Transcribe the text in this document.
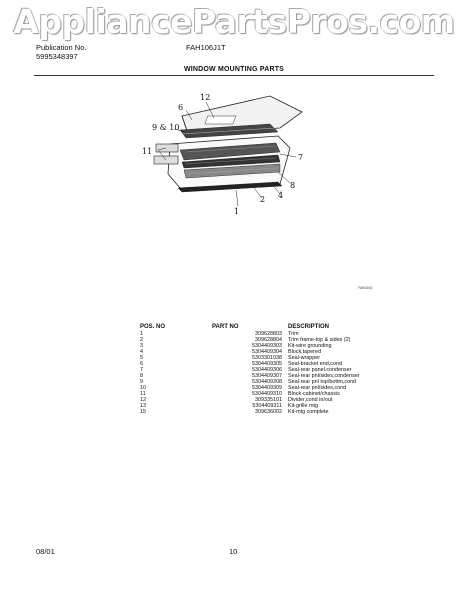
AppliancePartsPros.com
Publication No.
5995348397
FAH106J1T
WINDOW MOUNTING PARTS
12
6
9 & 10
11
7
8
4
2
1
FAB0160
POS. NO	PART NO	DESCRIPTION
1	309628803	Trim
2	309628804	Trim frame-top & sides (2)
3	5304409303	Kit-wire grounding
4	5304409304	Block,tapered
5	5303301038	Seal-wrapper
6	5304409305	Seal-bracket end,cond
7	5304409306	Seal-rear panel,condenser
8	5304409307	Seal-rear pnl/sides,condenser
9	5304409308	Seal-rear pnl top/bottm,cond
10	5304409309	Seal-rear pnl/sides,cond
11	5304409310	Block-cabinet/chassis
12	309335101	Divider,cond in/out
13	5304409311	Kit-grille mtg
15	309636002	Kit-mtg complete
08/01	10
